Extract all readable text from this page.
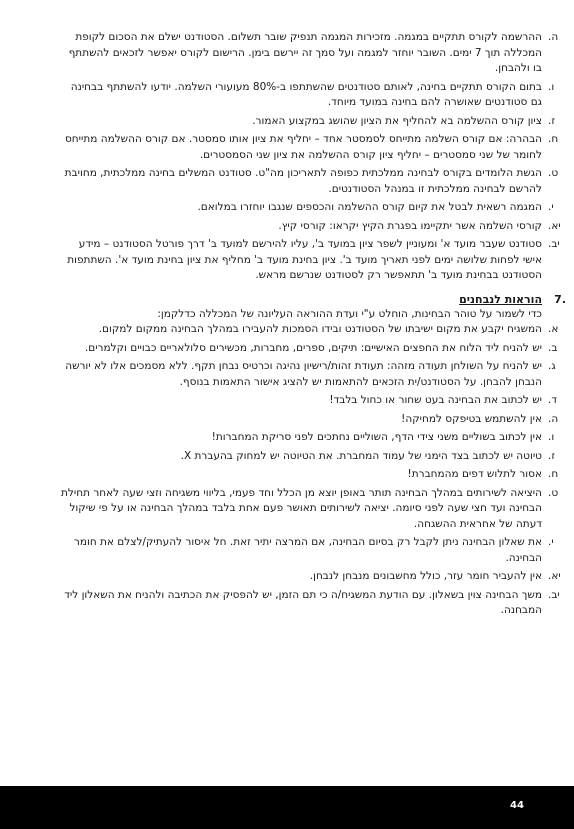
ה.
ההרשמה לקורס תתקיים במגמה. מזכירות המגמה תנפיק שובר תשלום. הסטודנט ישלם את הסכום לקופת המכללה תוך 7 ימים. השובר יוחזר למגמה ועל סמך זה יירשם בימן. הרישום לקורס יאפשר לזכאים להשתתף בו ולהבחן.
ו.
בתום הקורס תתקיים בחינה, לאותם סטודנטים שהשתתפו ב-80% מעועורי השלמה. יודעו להשתתף בבחינה גם סטודנטים שאושרה להם בחינה במועד מיוחד.
ז.
ציון קורס ההשלמה בא להחליף את הציון שהושג במקצוע האמור.
ח.
הבהרה: אם קורס השלמה מתייחס לסמסטר אחד – יחליף את ציון אותו סמסטר. אם קורס ההשלמה מתייחס לחומר של שני סמסטרים – יחליף ציון קורס ההשלמה את ציון שני הסמסטרים.
ט.
הגשת הלומדים בקורס לבחינה ממלכתית כפופה לתאריכון מה"ט. סטודנט המשלים בחינה ממלכתית, מחויבת להרשם לבחינה ממלכתית זו במנהל הסטודנטים.
י.
המגמה רשאית לבטל את קיום קורס ההשלמה והכספים שנגבו יוחזרו במלואם.
יא.
קורסי השלמה אשר יתקיימו בפגרת הקיץ יקראו: קורסי קיץ.
יב.
סטודנט שעבר מועד א' ומעוניין לשפר ציון במועד ב', עליו להירשם למועד ב' דרך פורטל הסטודנט – מידע אישי לפחות שלושה ימים לפני תאריך מועד ב'. ציון בחינת מועד ב' מחליף את ציון בחינת מועד א'. השתתפות הסטודנט בבחינת מועד ב' תתאפשר רק לסטודנט שנרשם מראש.
.7
הוראות לנבחנים
כדי לשמור על טוהר הבחינות, הוחלט ע"י ועדת ההוראה העליונה של המכללה כדלקמן:
א.
המשגיח יקבע את מקום ישיבתו של הסטודנט ובידו הסמכות להעבירו במהלך הבחינה ממקום למקום.
ב.
יש להניח ליד הלוח את החפצים האישיים: תיקים, ספרים, מחברות, מכשירים סלולאריים כבויים וקלמרים.
ג.
יש להניח על השולחן תעודה מזהה: תעודת זהות/רישיון נהיגה וכרטיס נבחן תקף. ללא מסמכים אלו לא יורשה הנבחן להבחן. על הסטודנט/ית הזכאים להתאמות יש להציג אישור התאמות בנוסף.
ד.
יש לכתוב את הבחינה בעט שחור או כחול בלבד!
ה.
אין להשתמש בטיפקס למחיקה!
ו.
אין לכתוב בשוליים משני צידי הדף, השוליים נחתכים לפני סריקת המחברות!
ז.
טיוטה יש לכתוב בצד הימני של עמוד המחברת. את הטיוטה יש למחוק בהעברת X.
ח.
אסור לתלוש דפים מהמחברת!
ט.
היציאה לשירותים במהלך הבחינה תותר באופן יוצא מן הכלל וחד פעמי, בליווי משגיחה וזצי שעה לאחר תחילת הבחינה ועד חצי שעה לפני סיומה. יציאה לשירותים תאושר פעם אחת בלבד במהלך הבחינה או על פי שיקול דעתה של אחראית ההשגחה.
י.
את שאלון הבחינה ניתן לקבל רק בסיום הבחינה, אם המרצה יתיר זאת. חל איסור להעתיק/לצלם את חומר הבחינה.
יא.
אין להעביר חומר עזר, כולל מחשבונים מנבחן לנבחן.
יב.
משך הבחינה צוין בשאלון. עם הודעת המשגיח/ה כי תם הזמן, יש להפסיק את הכתיבה ולהניח את השאלון ליד המבחנה.
44
